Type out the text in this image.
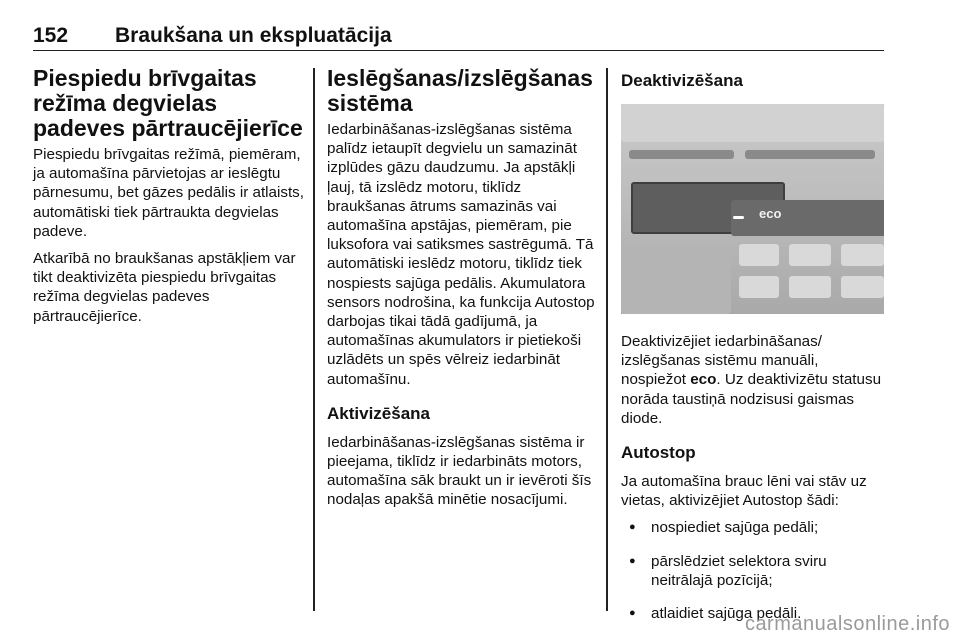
152 Braukšana un ekspluatācija
Piespiedu brīvgaitas režīma degvielas padeves pārtraucējierīce
Piespiedu brīvgaitas režīmā, piemēram, ja automašīna pārvietojas ar ieslēgtu pārnesumu, bet gāzes pedālis ir atlaists, automātiski tiek pārtraukta degvielas padeve.
Atkarībā no braukšanas apstākļiem var tikt deaktivizēta piespiedu brīvgaitas režīma degvielas padeves pārtraucējierīce.
Ieslēgšanas/izslēgšanas sistēma
Iedarbināšanas-izslēgšanas sistēma palīdz ietaupīt degvielu un samazināt izplūdes gāzu daudzumu. Ja apstākļi ļauj, tā izslēdz motoru, tiklīdz braukšanas ātrums samazinās vai automašīna apstājas, piemēram, pie luksofora vai satiksmes sastrēgumā. Tā automātiski ieslēdz motoru, tiklīdz tiek nospiests sajūga pedālis. Akumulatora sensors nodrošina, ka funkcija Autostop darbojas tikai tādā gadījumā, ja automašīnas akumulators ir pietiekoši uzlādēts un spēs vēlreiz iedarbināt automašīnu.
Aktivizēšana
Iedarbināšanas-izslēgšanas sistēma ir pieejama, tiklīdz ir iedarbināts motors, automašīna sāk braukt un ir ievēroti šīs nodaļas apakšā minētie nosacījumi.
Deaktivizēšana
eco
Deaktivizējiet iedarbināšanas/ izslēgšanas sistēmu manuāli, nospiežot eco. Uz deaktivizētu statusu norāda taustiņā nodzisusi gaismas diode.
Autostop
Ja automašīna brauc lēni vai stāv uz vietas, aktivizējiet Autostop šādi:
● nospiediet sajūga pedāli;
● pārslēdziet selektora sviru neitrālajā pozīcijā;
● atlaidiet sajūga pedāli.
carmanualsonline.info
